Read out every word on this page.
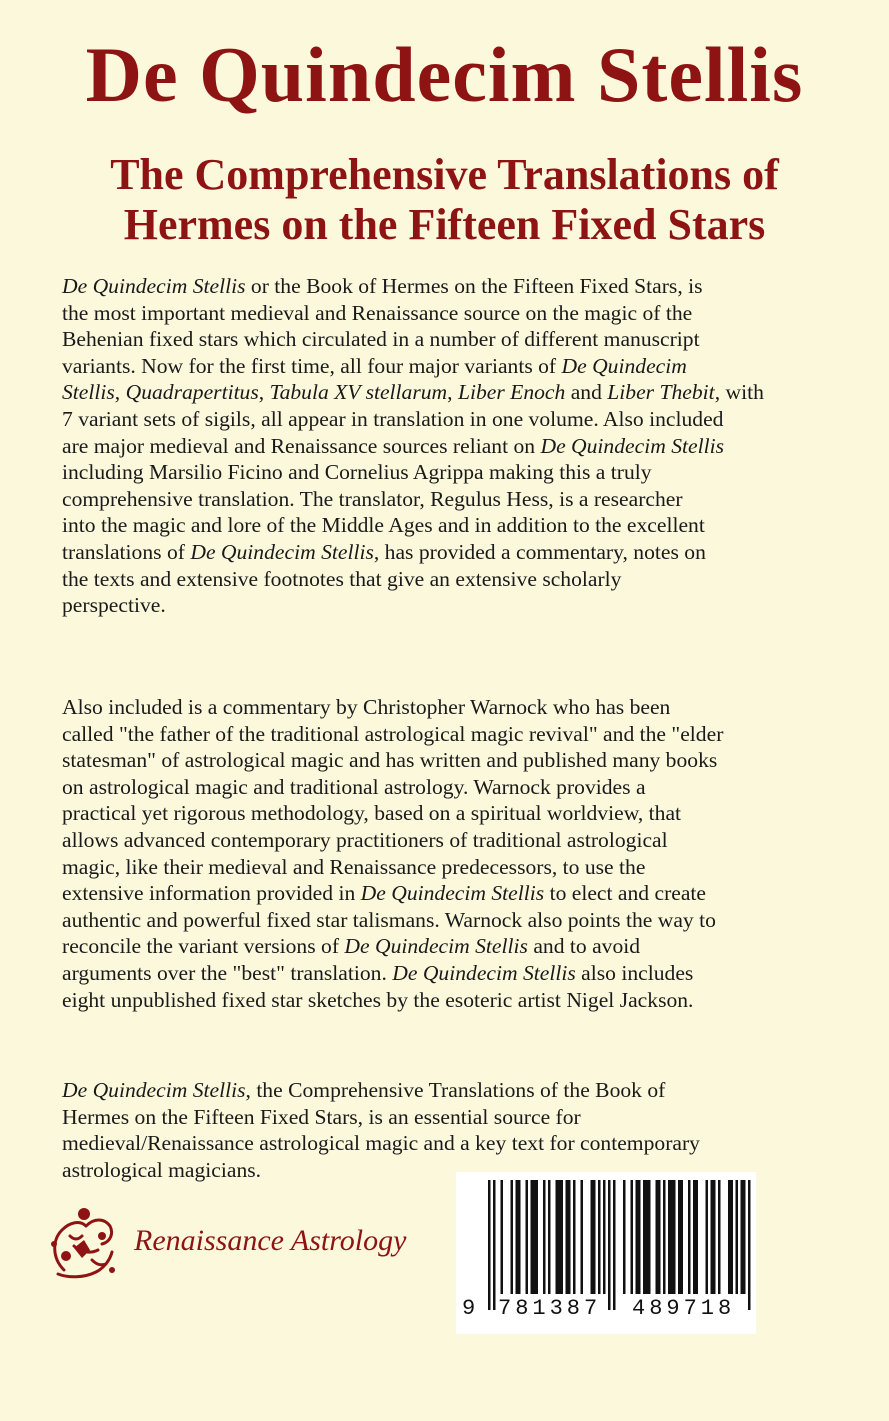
De Quindecim Stellis
The Comprehensive Translations of
Hermes on the Fifteen Fixed Stars

De Quindecim Stellis or the Book of Hermes on the Fifteen Fixed Stars, is
the most important medieval and Renaissance source on the magic of the
Behenian fixed stars which circulated in a number of different manuscript
variants. Now for the first time, all four major variants of De Quindecim
Stellis, Quadrapertitus, Tabula XV stellarum, Liber Enoch and Liber Thebit, with
7 variant sets of sigils, all appear in translation in one volume. Also included
are major medieval and Renaissance sources reliant on De Quindecim Stellis
including Marsilio Ficino and Cornelius Agrippa making this a truly
comprehensive translation. The translator, Regulus Hess, is a researcher
into the magic and lore of the Middle Ages and in addition to the excellent
translations of De Quindecim Stellis, has provided a commentary, notes on
the texts and extensive footnotes that give an extensive scholarly
perspective.

Also included is a commentary by Christopher Warnock who has been
called "the father of the traditional astrological magic revival" and the "elder
statesman" of astrological magic and has written and published many books
on astrological magic and traditional astrology. Warnock provides a
practical yet rigorous methodology, based on a spiritual worldview, that
allows advanced contemporary practitioners of traditional astrological
magic, like their medieval and Renaissance predecessors, to use the
extensive information provided in De Quindecim Stellis to elect and create
authentic and powerful fixed star talismans. Warnock also points the way to
reconcile the variant versions of De Quindecim Stellis and to avoid
arguments over the "best" translation. De Quindecim Stellis also includes
eight unpublished fixed star sketches by the esoteric artist Nigel Jackson.

De Quindecim Stellis, the Comprehensive Translations of the Book of
Hermes on the Fifteen Fixed Stars, is an essential source for
medieval/Renaissance astrological magic and a key text for contemporary
astrological magicians.

Renaissance Astrology

9

781387

489718
